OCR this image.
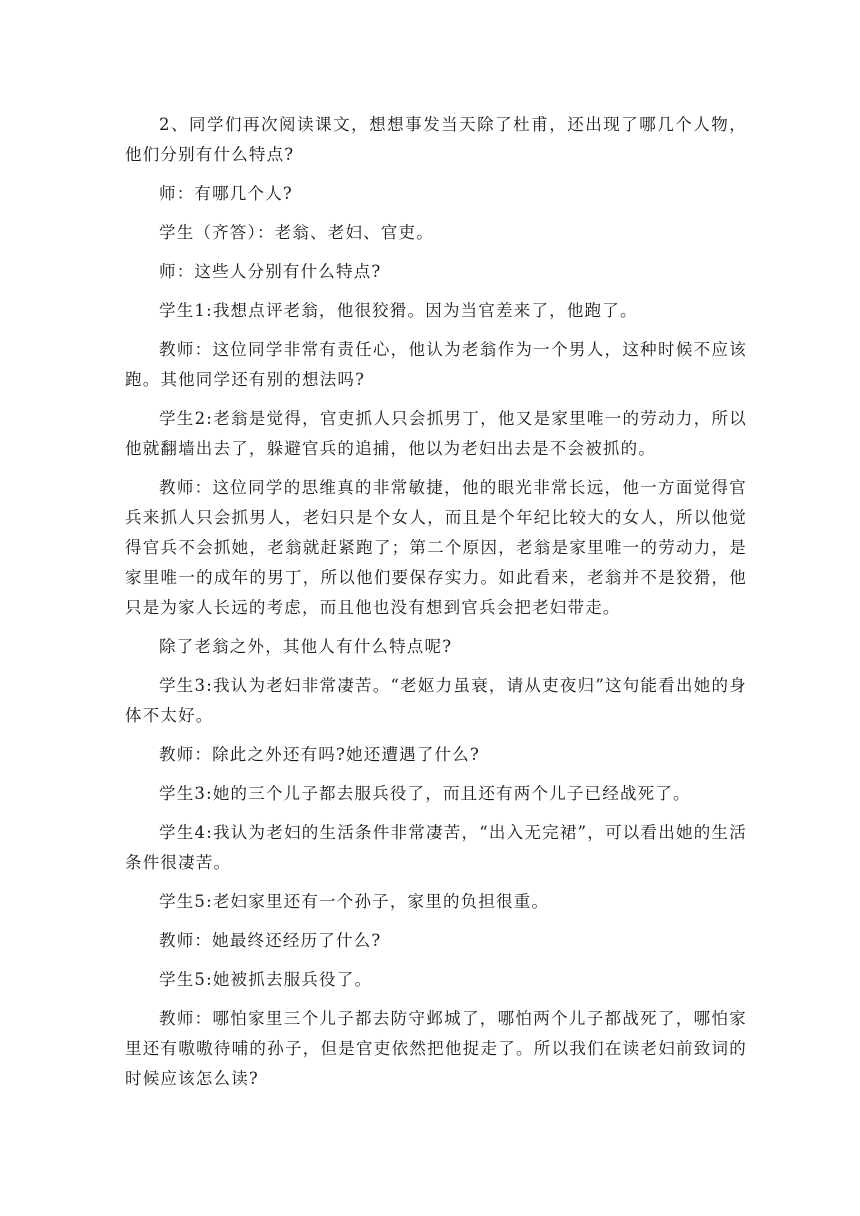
2、同学们再次阅读课文，想想事发当天除了杜甫，还出现了哪几个人物，他们分别有什么特点?

师：有哪几个人?

学生（齐答）：老翁、老妇、官吏。

师：这些人分别有什么特点?

学生1:我想点评老翁，他很狡猾。因为当官差来了，他跑了。

教师：这位同学非常有责任心，他认为老翁作为一个男人，这种时候不应该跑。其他同学还有别的想法吗?

学生2:老翁是觉得，官吏抓人只会抓男丁，他又是家里唯一的劳动力，所以他就翻墙出去了，躲避官兵的追捕，他以为老妇出去是不会被抓的。

教师：这位同学的思维真的非常敏捷，他的眼光非常长远，他一方面觉得官兵来抓人只会抓男人，老妇只是个女人，而且是个年纪比较大的女人，所以他觉得官兵不会抓她，老翁就赶紧跑了；第二个原因，老翁是家里唯一的劳动力，是家里唯一的成年的男丁，所以他们要保存实力。如此看来，老翁并不是狡猾，他只是为家人长远的考虑，而且他也没有想到官兵会把老妇带走。

除了老翁之外，其他人有什么特点呢?

学生3:我认为老妇非常凄苦。“老妪力虽衰，请从吏夜归”这句能看出她的身体不太好。

教师：除此之外还有吗?她还遭遇了什么?

学生3:她的三个儿子都去服兵役了，而且还有两个儿子已经战死了。

学生4:我认为老妇的生活条件非常凄苦，“出入无完裙”，可以看出她的生活条件很凄苦。

学生5:老妇家里还有一个孙子，家里的负担很重。

教师：她最终还经历了什么?

学生5:她被抓去服兵役了。

教师：哪怕家里三个儿子都去防守邺城了，哪怕两个儿子都战死了，哪怕家里还有嗷嗷待哺的孙子，但是官吏依然把他捉走了。所以我们在读老妇前致词的时候应该怎么读?
